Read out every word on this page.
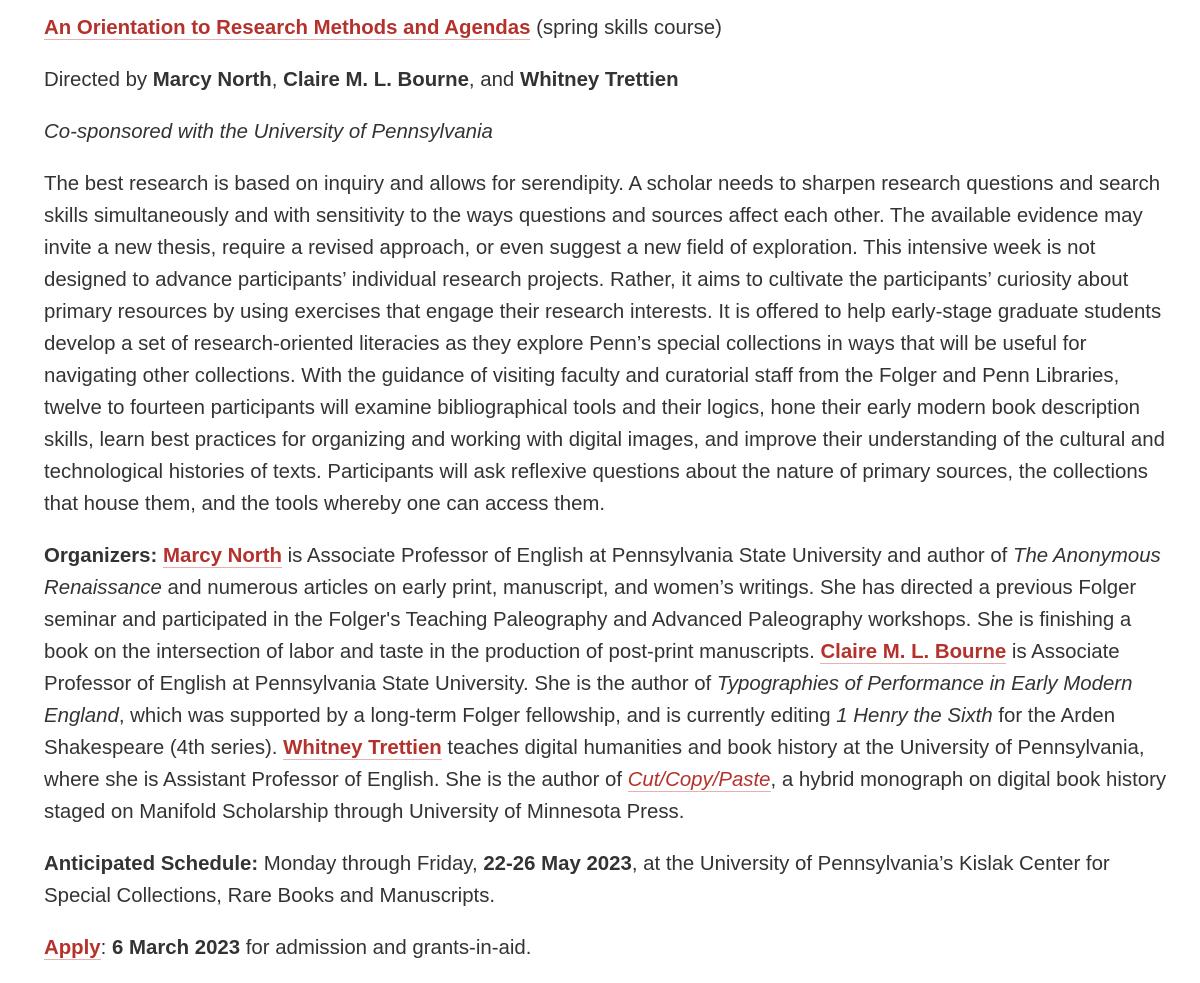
An Orientation to Research Methods and Agendas (spring skills course)

Directed by Marcy North, Claire M. L. Bourne, and Whitney Trettien

Co-sponsored with the University of Pennsylvania

The best research is based on inquiry and allows for serendipity. A scholar needs to sharpen research questions and search skills simultaneously and with sensitivity to the ways questions and sources affect each other. The available evidence may invite a new thesis, require a revised approach, or even suggest a new field of exploration. This intensive week is not designed to advance participants’ individual research projects. Rather, it aims to cultivate the participants’ curiosity about primary resources by using exercises that engage their research interests. It is offered to help early-stage graduate students develop a set of research-oriented literacies as they explore Penn’s special collections in ways that will be useful for navigating other collections. With the guidance of visiting faculty and curatorial staff from the Folger and Penn Libraries, twelve to fourteen participants will examine bibliographical tools and their logics, hone their early modern book description skills, learn best practices for organizing and working with digital images, and improve their understanding of the cultural and technological histories of texts. Participants will ask reflexive questions about the nature of primary sources, the collections that house them, and the tools whereby one can access them.

Organizers: Marcy North is Associate Professor of English at Pennsylvania State University and author of The Anonymous Renaissance and numerous articles on early print, manuscript, and women’s writings. She has directed a previous Folger seminar and participated in the Folger's Teaching Paleography and Advanced Paleography workshops. She is finishing a book on the intersection of labor and taste in the production of post-print manuscripts. Claire M. L. Bourne is Associate Professor of English at Pennsylvania State University. She is the author of Typographies of Performance in Early Modern England, which was supported by a long-term Folger fellowship, and is currently editing 1 Henry the Sixth for the Arden Shakespeare (4th series). Whitney Trettien teaches digital humanities and book history at the University of Pennsylvania, where she is Assistant Professor of English. She is the author of Cut/Copy/Paste, a hybrid monograph on digital book history staged on Manifold Scholarship through University of Minnesota Press.

Anticipated Schedule: Monday through Friday, 22-26 May 2023, at the University of Pennsylvania’s Kislak Center for Special Collections, Rare Books and Manuscripts.

Apply: 6 March 2023 for admission and grants-in-aid.
